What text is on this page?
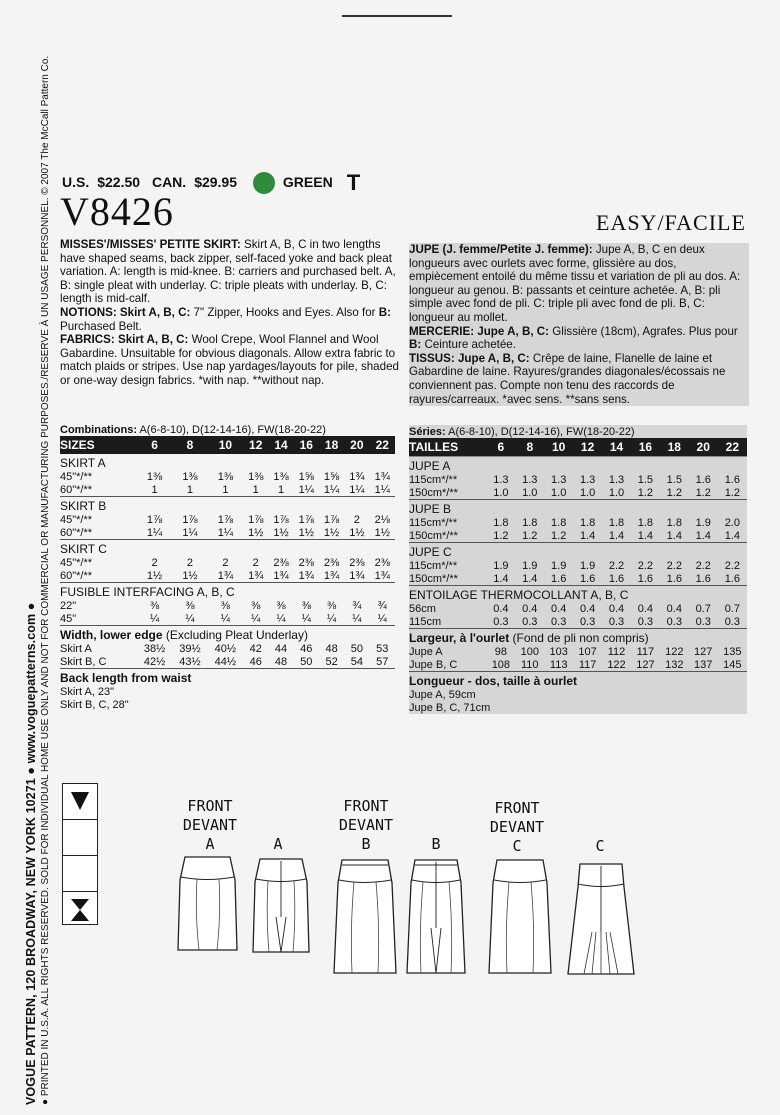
VOGUE PATTERN, 120 BROADWAY, NEW YORK 10271 ● www.voguepatterns.com ● ● PRINTED IN U.S.A. ALL RIGHTS RESERVED. SOLD FOR INDIVIDUAL HOME USE ONLY AND NOT FOR COMMERCIAL OR MANUFACTURING PURPOSES./RESERVE À UN USAGE PERSONNEL. © 2007 The McCall Pattern Co. U.S. $22.50 CAN. $29.95	GREEN T
V8426	EASY/FACILE

MISSES'/MISSES' PETITE SKIRT: Skirt A, B, C in two lengths have shaped seams, back zipper, self-faced yoke and back pleat variation. A: length is mid-knee. B: carriers and purchased belt. A, B: single pleat with underlay. C: triple pleats with underlay. B, C: length is mid-calf.

NOTIONS: Skirt A, B, C: 7" Zipper, Hooks and Eyes. Also for B: Purchased Belt.

FABRICS: Skirt A, B, C: Wool Crepe, Wool Flannel and Wool Gabardine. Unsuitable for obvious diagonals. Allow extra fabric to match plaids or stripes. Use nap yardages/layouts for pile, shaded or one-way design fabrics. *with nap. **without nap.

JUPE (J. femme/Petite J. femme): Jupe A, B, C en deux longueurs avec ourlets avec forme, glissière au dos, empiècement entoilé du même tissu et variation de pli au dos. A: longueur au genou. B: passants et ceinture achetée. A, B: pli simple avec fond de pli. C: triple pli avec fond de pli. B, C: longueur au mollet.

MERCERIE: Jupe A, B, C: Glissière (18cm), Agrafes. Plus pour B: Ceinture achetée.

TISSUS: Jupe A, B, C: Crêpe de laine, Flanelle de laine et Gabardine de laine. Rayures/grandes diagonales/écossais ne conviennent pas. Compte non tenu des raccords de rayures/carreaux. *avec sens. **sans sens.

Combinations: A(6-8-10), D(12-14-16), FW(18-20-22)									
SIZES	6	8	10	12	14	16	18	20	22
SKIRT A									
45"*/**	1⅜	1⅜	1⅜	1⅜	1⅜	1⅝	1⅝	1¾	1¾
60"*/**	1	1	1	1	1	1¼	1¼	1¼	1¼
SKIRT B									
45"*/**	1⅞	1⅞	1⅞	1⅞	1⅞	1⅞	1⅞	2	2⅛
60"*/**	1¼	1¼	1¼	1½	1½	1½	1½	1½	1½
SKIRT C									
45"*/**	2	2	2	2	2⅜	2⅜	2⅜	2⅜	2⅜
60"*/**	1½	1½	1¾	1¾	1¾	1¾	1¾	1¾	1¾
FUSIBLE INTERFACING A, B, C									
22"	⅜	⅜	⅜	⅜	⅜	⅜	⅜	¾	¾
45"	¼	¼	¼	¼	¼	¼	¼	¼	¼
Width, lower edge (Excluding Pleat Underlay)									
Skirt A	38½	39½	40½	42	44	46	48	50	53
Skirt B, C	42½	43½	44½	46	48	50	52	54	57
Back length from waist									
Skirt A, 23"									
Skirt B, C, 28"									
Séries: A(6-8-10), D(12-14-16), FW(18-20-22)									
TAILLES	6	8	10	12	14	16	18	20	22
JUPE A									
115cm*/**	1.3	1.3	1.3	1.3	1.3	1.5	1.5	1.6	1.6
150cm*/**	1.0	1.0	1.0	1.0	1.0	1.2	1.2	1.2	1.2
JUPE B									
115cm*/**	1.8	1.8	1.8	1.8	1.8	1.8	1.8	1.9	2.0
150cm*/**	1.2	1.2	1.2	1.4	1.4	1.4	1.4	1.4	1.4
JUPE C									
115cm*/**	1.9	1.9	1.9	1.9	2.2	2.2	2.2	2.2	2.2
150cm*/**	1.4	1.4	1.6	1.6	1.6	1.6	1.6	1.6	1.6
ENTOILAGE THERMOCOLLANT A, B, C									
56cm	0.4	0.4	0.4	0.4	0.4	0.4	0.4	0.7	0.7
115cm	0.3	0.3	0.3	0.3	0.3	0.3	0.3	0.3	0.3
Largeur, à l'ourlet (Fond de pli non compris)									
Jupe A	98	100	103	107	112	117	122	127	135
Jupe B, C	108	110	113	117	122	127	132	137	145
Longueur - dos, taille à ourlet									
Jupe A, 59cm									
Jupe B, C, 71cm									
FRONT
DEVANT
A	A
FRONT
DEVANT
B	B
FRONT
DEVANT
C	C
